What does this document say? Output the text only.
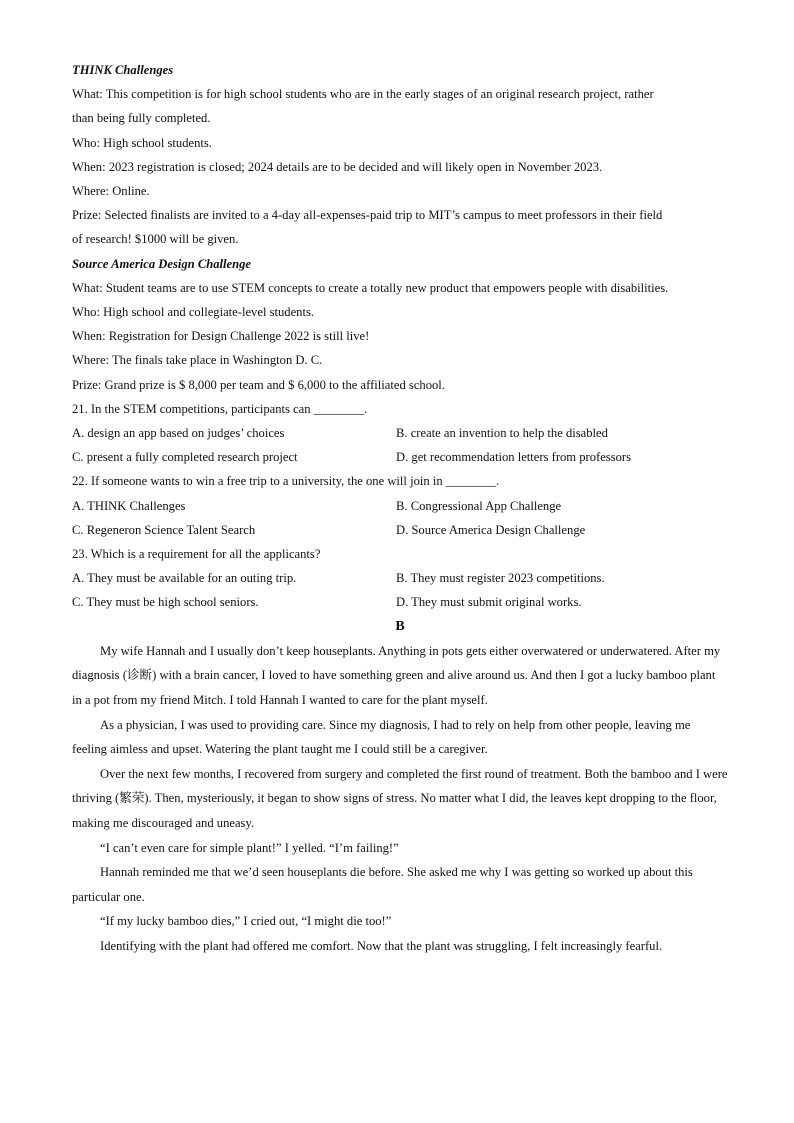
THINK Challenges
What: This competition is for high school students who are in the early stages of an original research project, rather
than being fully completed.
Who: High school students.
When: 2023 registration is closed; 2024 details are to be decided and will likely open in November 2023.
Where: Online.
Prize: Selected finalists are invited to a 4-day all-expenses-paid trip to MIT’s campus to meet professors in their field
of research! $1000 will be given.
Source America Design Challenge
What: Student teams are to use STEM concepts to create a totally new product that empowers people with disabilities.
Who: High school and collegiate-level students.
When: Registration for Design Challenge 2022 is still live!
Where: The finals take place in Washington D. C.
Prize: Grand prize is $ 8,000 per team and $ 6,000 to the affiliated school.
21. In the STEM competitions, participants can ________.
A. design an app based on judges’ choices	B. create an invention to help the disabled
C. present a fully completed research project	D. get recommendation letters from professors
22. If someone wants to win a free trip to a university, the one will join in ________.
A. THINK Challenges	B. Congressional App Challenge
C. Regeneron Science Talent Search	D. Source America Design Challenge
23. Which is a requirement for all the applicants?
A. They must be available for an outing trip.	B. They must register 2023 competitions.
C. They must be high school seniors.	D. They must submit original works.
B
My wife Hannah and I usually don’t keep houseplants. Anything in pots gets either overwatered or underwatered. After my diagnosis (诊断) with a brain cancer, I loved to have something green and alive around us. And then I got a lucky bamboo plant in a pot from my friend Mitch. I told Hannah I wanted to care for the plant myself.
As a physician, I was used to providing care. Since my diagnosis, I had to rely on help from other people, leaving me feeling aimless and upset. Watering the plant taught me I could still be a caregiver.
Over the next few months, I recovered from surgery and completed the first round of treatment. Both the bamboo and I were thriving (繁荣). Then, mysteriously, it began to show signs of stress. No matter what I did, the leaves kept dropping to the floor, making me discouraged and uneasy.
“I can’t even care for simple plant!” I yelled. “I’m failing!”
Hannah reminded me that we’d seen houseplants die before. She asked me why I was getting so worked up about this particular one.
“If my lucky bamboo dies,” I cried out, “I might die too!”
Identifying with the plant had offered me comfort. Now that the plant was struggling, I felt increasingly fearful.
